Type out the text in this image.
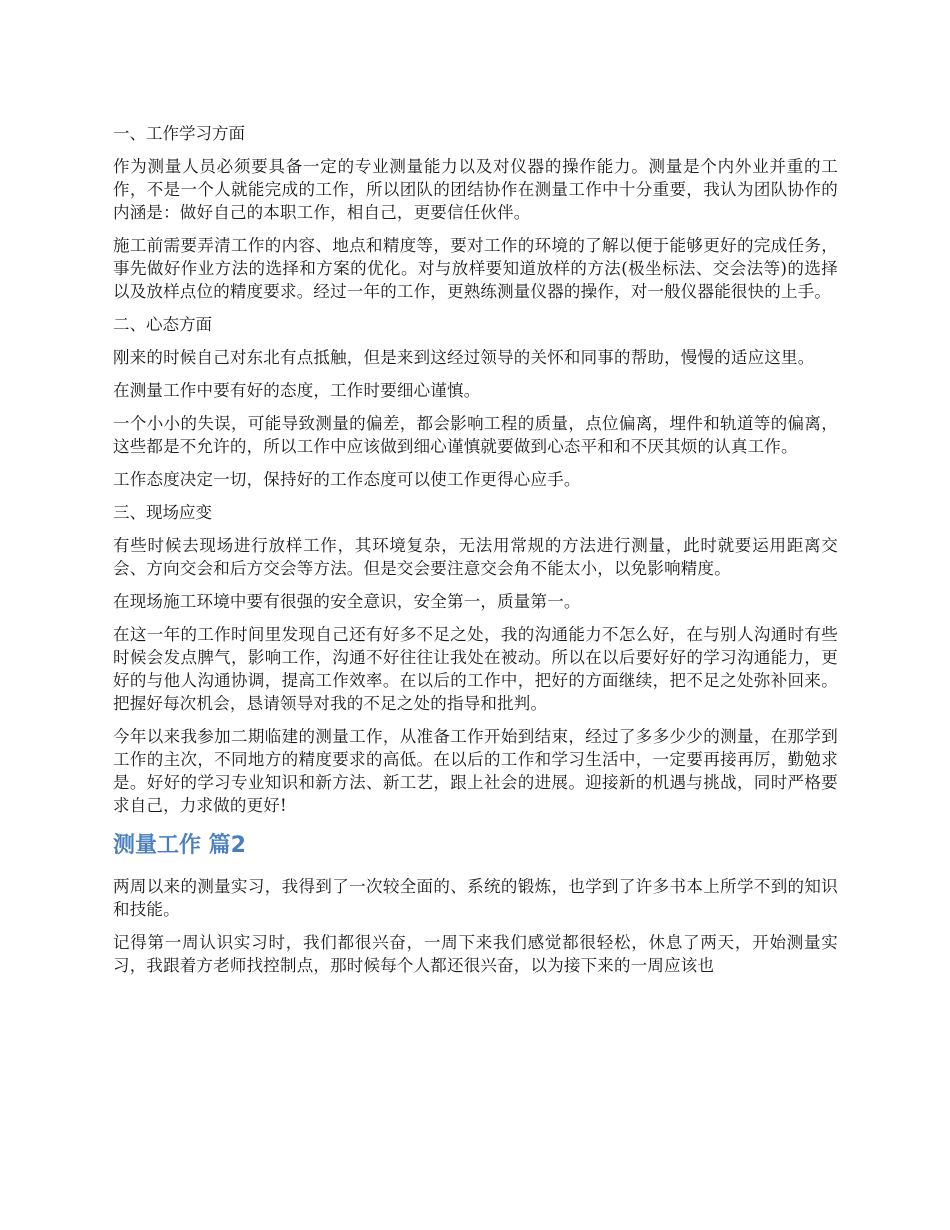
一、工作学习方面
作为测量人员必须要具备一定的专业测量能力以及对仪器的操作能力。测量是个内外业并重的工作，不是一个人就能完成的工作，所以团队的团结协作在测量工作中十分重要，我认为团队协作的内涵是：做好自己的本职工作，相自己，更要信任伙伴。
施工前需要弄清工作的内容、地点和精度等，要对工作的环境的了解以便于能够更好的完成任务，事先做好作业方法的选择和方案的优化。对与放样要知道放样的方法(极坐标法、交会法等)的选择以及放样点位的精度要求。经过一年的工作，更熟练测量仪器的操作，对一般仪器能很快的上手。
二、心态方面
刚来的时候自己对东北有点抵触，但是来到这经过领导的关怀和同事的帮助，慢慢的适应这里。
在测量工作中要有好的态度，工作时要细心谨慎。
一个小小的失误，可能导致测量的偏差，都会影响工程的质量，点位偏离，埋件和轨道等的偏离，这些都是不允许的，所以工作中应该做到细心谨慎就要做到心态平和和不厌其烦的认真工作。
工作态度决定一切，保持好的工作态度可以使工作更得心应手。
三、现场应变
有些时候去现场进行放样工作，其环境复杂，无法用常规的方法进行测量，此时就要运用距离交会、方向交会和后方交会等方法。但是交会要注意交会角不能太小，以免影响精度。
在现场施工环境中要有很强的安全意识，安全第一，质量第一。
在这一年的工作时间里发现自己还有好多不足之处，我的沟通能力不怎么好，在与别人沟通时有些时候会发点脾气，影响工作，沟通不好往往让我处在被动。所以在以后要好好的学习沟通能力，更好的与他人沟通协调，提高工作效率。在以后的工作中，把好的方面继续，把不足之处弥补回来。把握好每次机会，恳请领导对我的不足之处的指导和批判。
今年以来我参加二期临建的测量工作，从准备工作开始到结束，经过了多多少少的测量，在那学到工作的主次，不同地方的精度要求的高低。在以后的工作和学习生活中，一定要再接再厉，勤勉求是。好好的学习专业知识和新方法、新工艺，跟上社会的进展。迎接新的机遇与挑战，同时严格要求自己，力求做的更好!
测量工作 篇2
两周以来的测量实习，我得到了一次较全面的、系统的锻炼，也学到了许多书本上所学不到的知识和技能。
记得第一周认识实习时，我们都很兴奋，一周下来我们感觉都很轻松，休息了两天，开始测量实习，我跟着方老师找控制点，那时候每个人都还很兴奋，以为接下来的一周应该也
